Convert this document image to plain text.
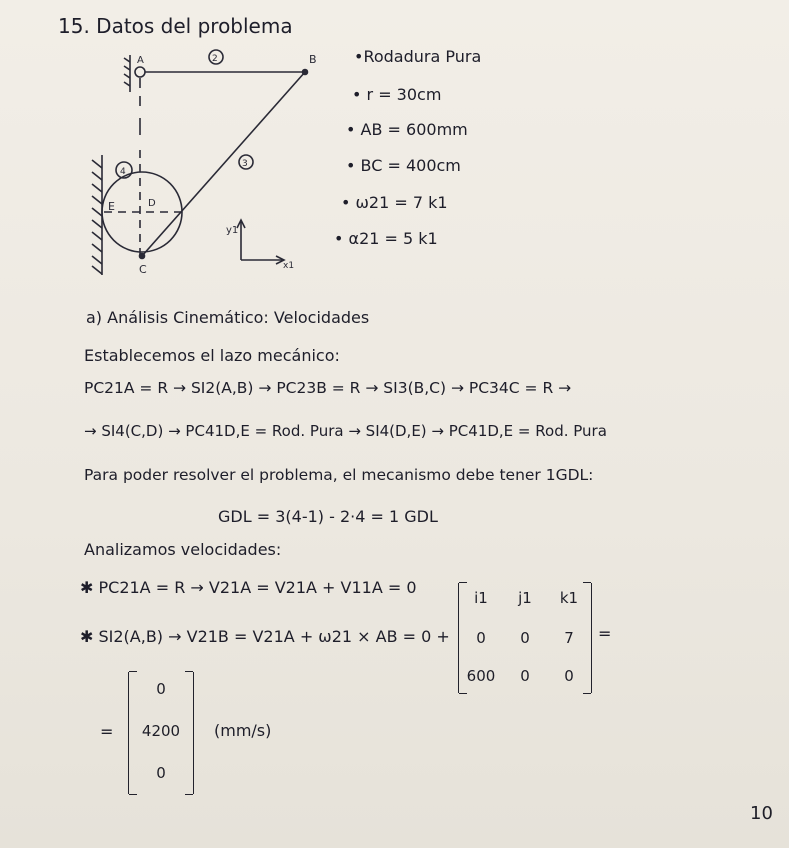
15. Datos del problema
A	B
C
D
E
2
3
4
y1
x1
•Rodadura Pura
• r = 30cm
• AB = 600mm
• BC = 400cm
• ω21 = 7 k1
• α21 = 5 k1
a) Análisis Cinemático: Velocidades
Establecemos el lazo mecánico:
PC21A = R → SI2(A,B) → PC23B = R → SI3(B,C) → PC34C = R →
→ SI4(C,D) → PC41D,E = Rod. Pura → SI4(D,E) → PC41D,E = Rod. Pura
Para poder resolver el problema, el mecanismo debe tener 1GDL:
GDL = 3(4-1) - 2·4 = 1 GDL
Analizamos velocidades:
✱ PC21A = R → V21A = V21A + V11A = 0
✱ SI2(A,B) → V21B = V21A + ω21 × AB = 0 +
i1	j1	k1
0	0	7
600	0	0
=
=
0
4200
0
(mm/s)
10
